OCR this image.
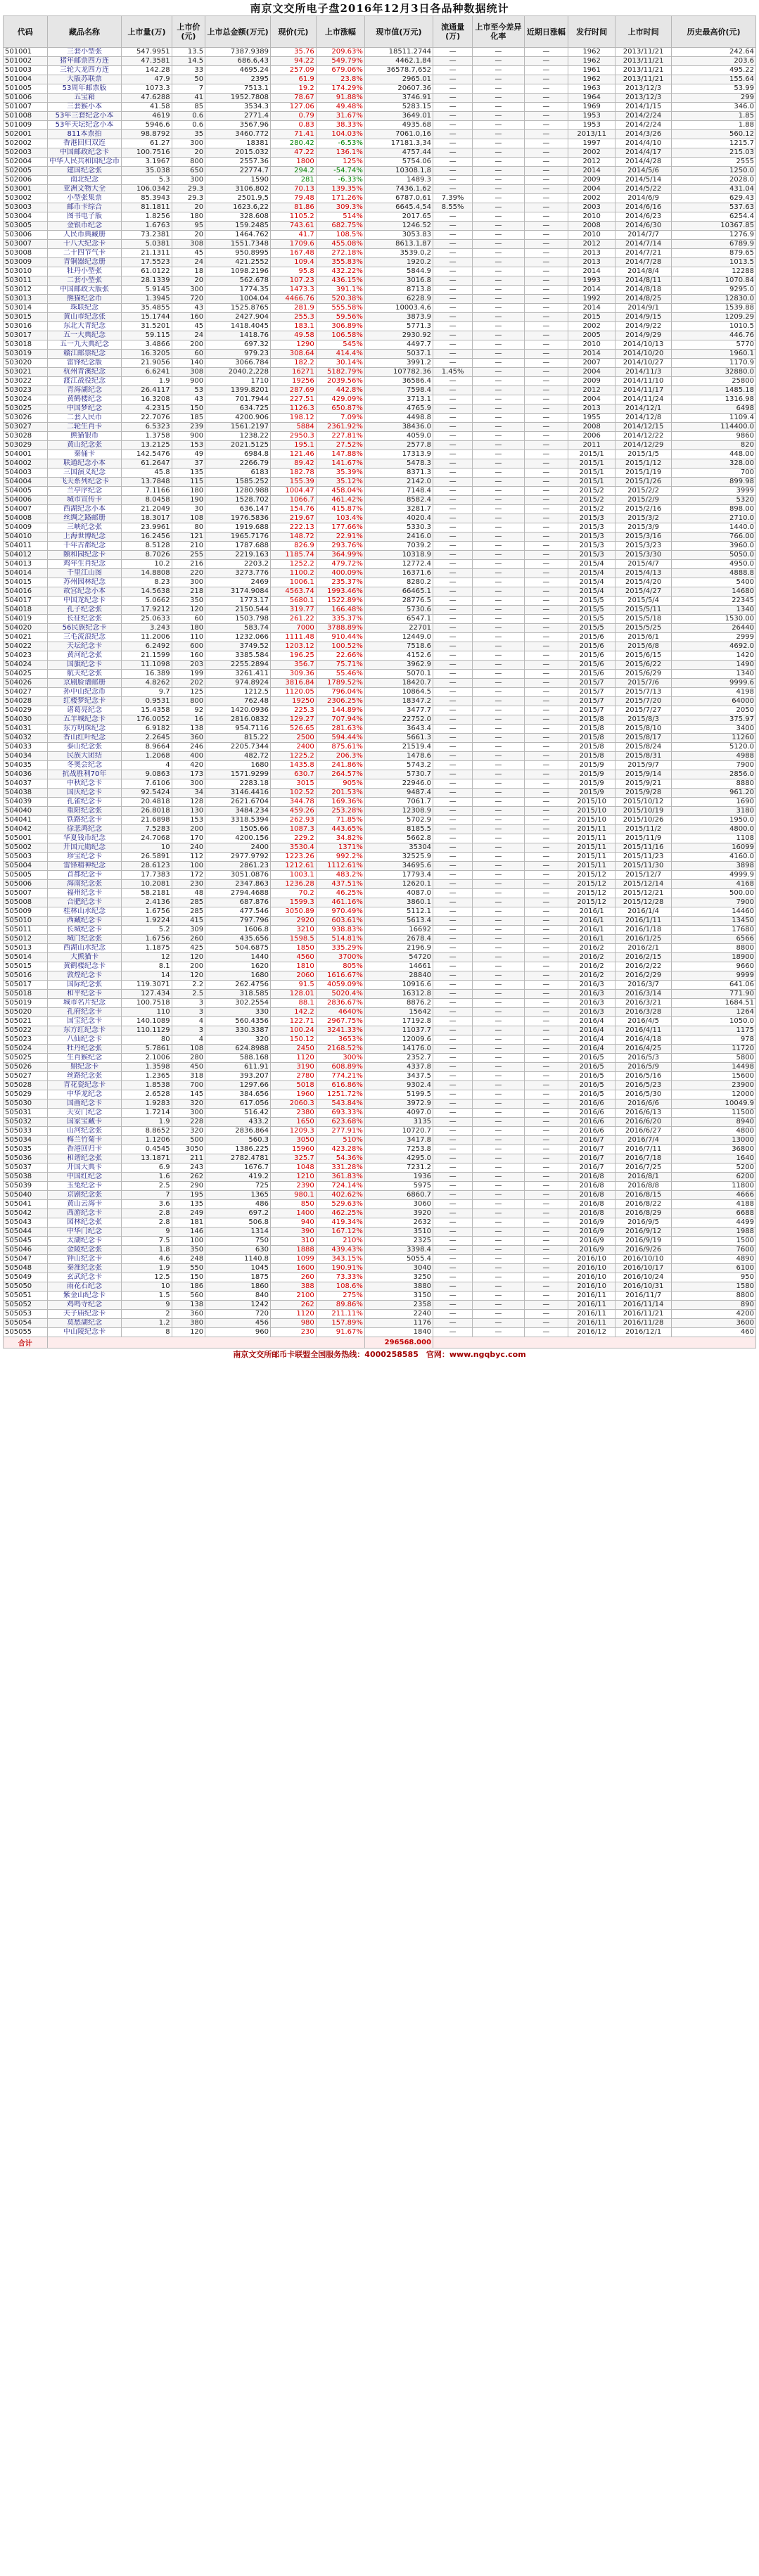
南京文交所电子盘2016年12月3日各品种数据统计
代码	藏品名称	上市量(万)	上市价(元)	上市总金额(万元)	现价(元)	上市涨幅	现市值(万元)	流通量(万)	上市至今差异化率	近期日涨幅	发行时间	上市时间	历史最高价(元)
501001	三套小型张	547.9951	13.5	7387.9389	35.76	209.63%	18511.2744	—	—	—	1962	2013/11/21	242.64
501002	猪年邮票四方连	47.3581	14.5	686.6,43	94.22	549.79%	4462.1,84	—	—	—	1962	2013/11/21	203.6
501003	三轮大龙四方连	142.28	33	4695.24	257.09	679.06%	36578.7,652	—	—	—	1961	2013/11/21	495.22
501004	大版苏联票	47.9	50	2395	61.9	23.8%	2965.01	—	—	—	1962	2013/11/21	155.64
501005	53周年邮票版	1073.3	7	7513.1	19.2	174.29%	20607.36	—	—	—	1963	2013/12/3	53.99
501006	五宝箱	47.6288	41	1952.7808	78.67	91.88%	3746.91	—	—	—	1964	2013/12/3	299
501007	三套猴小本	41.58	85	3534.3	127.06	49.48%	5283.15	—	—	—	1969	2014/1/15	346.0
501008	53年三套纪念小本	4619	0.6	2771.4	0.79	31.67%	3649.01	—	—	—	1953	2014/2/24	1.85
501009	53年天坛纪念小本	5946.6	0.6	3567.96	0.83	38.33%	4935.68	—	—	—	1953	2014/2/24	1.88
502001	811本票拍	98.8792	35	3460.772	71.41	104.03%	7061.0,16	—	—	—	2013/11	2014/3/26	560.12
502002	香港回归双连	61.27	300	18381	280.42	-6.53%	17181.3,34	—	—	—	1997	2014/4/10	1215.7
502003	中国邮政纪念卡	100.7516	20	2015.032	47.22	136.1%	4757.44	—	—	—	2002	2014/4/17	215.03
502004	中华人民共和国纪念币	3.1967	800	2557.36	1800	125%	5754.06	—	—	—	2012	2014/4/28	2555
502005	建国纪念张	35.038	650	22774.7	294.2	-54.74%	10308.1,8	—	—	—	2014	2014/5/6	1250.0
502006	南北纪念	5.3	300	1590	281	-6.33%	1489.3	—	—	—	2009	2014/5/14	2028.0
503001	亚洲文物大全	106.0342	29.3	3106.802	70.13	139.35%	7436.1,62	—	—	—	2004	2014/5/22	431.04
503002	小型张集票	85.3943	29.3	2501.9,5	79.48	171.26%	6787.0,61	7.39%	—	—	2002	2014/6/9	629.43
503003	邮币卡综合	81.1811	20	1623.6,22	81.86	309.3%	6645.4,54	8.55%	—	—	2003	2014/6/16	537.63
503004	图书电子版	1.8256	180	328.608	1105.2	514%	2017.65	—	—	—	2010	2014/6/23	6254.4
503005	金银币纪念	1.6763	95	159.2485	743.61	682.75%	1246.52	—	—	—	2008	2014/6/30	10367.85
503006	人民币典藏册	73.2381	20	1464.762	41.7	108.5%	3053.83	—	—	—	2010	2014/7/7	1276.9
503007	十八大纪念卡	5.0381	308	1551.7348	1709.6	455.08%	8613.1,87	—	—	—	2012	2014/7/14	6789.9
503008	二十四节气卡	21.1311	45	950.8995	167.48	272.18%	3539.0,2	—	—	—	2013	2014/7/21	879.65
503009	青铜器纪念册	17.5523	24	421.2552	109.4	355.83%	1920.2	—	—	—	2013	2014/7/28	1013.5
503010	牡丹小型张	61.0122	18	1098.2196	95.8	432.22%	5844.9	—	—	—	2014	2014/8/4	12288
503011	二套小型张	28.1339	20	562.678	107.23	436.15%	3016.8	—	—	—	1993	2014/8/11	1070.84
503012	中国邮政大版张	5.9145	300	1774.35	1473.3	391.1%	8713.8	—	—	—	2014	2014/8/18	9295.0
503013	熊猫纪念币	1.3945	720	1004.04	4466.76	520.38%	6228.9	—	—	—	1992	2014/8/25	12830.0
503014	珠联纪念	35.4855	43	1525.8765	281.9	555.58%	10003.4,6	—	—	—	2014	2014/9/1	1539.88
503015	黄山市纪念张	15.1744	160	2427.904	255.3	59.56%	3873.9	—	—	—	2015	2014/9/15	1209.29
503016	东北大青纪念	31.5201	45	1418.4045	183.1	306.89%	5771.3	—	—	—	2002	2014/9/22	1010.5
503017	五一大典纪念	59.115	24	1418.76	49.58	106.58%	2930.92	—	—	—	2005	2014/9/29	446.76
503018	五一九大典纪念	3.4866	200	697.32	1290	545%	4497.7	—	—	—	2010	2014/10/13	5770
503019	赣江邮票纪念	16.3205	60	979.23	308.64	414.4%	5037.1	—	—	—	2014	2014/10/20	1960.1
503020	雷锋纪念版	21.9056	140	3066.784	182.2	30.14%	3991.2	—	—	—	2007	2014/10/27	1170.9
503021	杭州青溪纪念	6.6241	308	2040.2,228	16271	5182.79%	107782.36	1.45%	—	—	2004	2014/11/3	32880.0
503022	渡江战役纪念	1.9	900	1710	19256	2039.56%	36586.4	—	—	—	2009	2014/11/10	25800
503023	青海湖纪念	26.4117	53	1399.8201	287.69	442.8%	7598.4	—	—	—	2012	2014/11/17	1485.18
503024	黄鹤楼纪念	16.3208	43	701.7944	227.51	429.09%	3713.1	—	—	—	2004	2014/11/24	1316.98
503025	中国梦纪念	4.2315	150	634.725	1126.3	650.87%	4765.9	—	—	—	2013	2014/12/1	6498
503026	二套人民币	22.7076	185	4200.906	198.12	7.09%	4498.8	—	—	—	1955	2014/12/8	1109.4
503027	二轮生肖卡	6.5323	239	1561.2197	5884	2361.92%	38436.0	—	—	—	2008	2014/12/15	114400.0
503028	熊猫银币	1.3758	900	1238.22	2950.3	227.81%	4059.0	—	—	—	2006	2014/12/22	9860
503029	黄山纪念张	13.2125	153	2021.5125	195.1	27.52%	2577.8	—	—	—	2011	2014/12/29	820
504001	秦俑卡	142.5476	49	6984.8	121.46	147.88%	17313.9	—	—	—	2015/1	2015/1/5	448.00
504002	联通纪念小本	61.2647	37	2266.79	89.42	141.67%	5478.3	—	—	—	2015/1	2015/1/12	328.00
504003	三国演义纪念	45.8	135	6183	182.78	35.39%	8371.3	—	—	—	2015/1	2015/1/19	700
504004	飞天系列纪念卡	13.7848	115	1585.252	155.39	35.12%	2142.0	—	—	—	2015/1	2015/1/26	899.98
504005	兰亭序纪念	7.1166	180	1280.988	1004.47	458.04%	7148.4	—	—	—	2015/2	2015/2/2	3999
504006	城市宣传卡	8.0458	190	1528.702	1066.7	461.42%	8582.4	—	—	—	2015/2	2015/2/9	5320
504007	西湖纪念小本	21.2049	30	636.147	154.76	415.87%	3281.7	—	—	—	2015/2	2015/2/16	898.00
504008	丝绸之路邮册	18.3017	108	1976.5836	219.67	103.4%	4020.4	—	—	—	2015/3	2015/3/2	2710.0
504009	三峡纪念张	23.9961	80	1919.688	222.13	177.66%	5330.3	—	—	—	2015/3	2015/3/9	1440.0
504010	上海世博纪念	16.2456	121	1965.7176	148.72	22.91%	2416.0	—	—	—	2015/3	2015/3/16	766.00
504011	千年古都纪念	8.5128	210	1787.688	826.9	293.76%	7039.2	—	—	—	2015/3	2015/3/23	3960.0
504012	颐和园纪念卡	8.7026	255	2219.163	1185.74	364.99%	10318.9	—	—	—	2015/3	2015/3/30	5050.0
504013	鸡年生肖纪念	10.2	216	2203.2	1252.2	479.72%	12772.4	—	—	—	2015/4	2015/4/7	4950.0
504014	千里江山图	14.8808	220	3273.776	1100.2	400.09%	16371.6	—	—	—	2015/4	2015/4/13	4888.8
504015	苏州园林纪念	8.23	300	2469	1006.1	235.37%	8280.2	—	—	—	2015/4	2015/4/20	5400
504016	故宫纪念小本	14.5638	218	3174.9084	4563.74	1993.46%	66465.1	—	—	—	2015/4	2015/4/27	14680
504017	中国龙纪念卡	5.0662	350	1773.17	5680.1	1522.89%	28776.5	—	—	—	2015/5	2015/5/4	22345
504018	孔子纪念张	17.9212	120	2150.544	319.77	166.48%	5730.6	—	—	—	2015/5	2015/5/11	1340
504019	长征纪念张	25.0633	60	1503.798	261.22	335.37%	6547.1	—	—	—	2015/5	2015/5/18	1530.00
504020	56民族纪念卡	3.243	180	583.74	7000	3788.89%	22701	—	—	—	2015/5	2015/5/25	26440
504021	三毛流浪纪念	11.2006	110	1232.066	1111.48	910.44%	12449.0	—	—	—	2015/6	2015/6/1	2999
504022	天坛纪念卡	6.2492	600	3749.52	1203.12	100.52%	7518.6	—	—	—	2015/6	2015/6/8	4692.0
504023	黄河纪念张	21.1599	160	3385.584	196.25	22.66%	4152.6	—	—	—	2015/6	2015/6/15	1420
504024	国旗纪念卡	11.1098	203	2255.2894	356.7	75.71%	3962.9	—	—	—	2015/6	2015/6/22	1490
504025	航天纪念张	16.389	199	3261.411	309.36	55.46%	5070.1	—	—	—	2015/6	2015/6/29	1340
504026	京剧脸谱邮册	4.8262	202	974.8924	3816.84	1789.52%	18420.7	—	—	—	2015/7	2015/7/6	9999.6
504027	孙中山纪念币	9.7	125	1212.5	1120.05	796.04%	10864.5	—	—	—	2015/7	2015/7/13	4198
504028	红楼梦纪念卡	0.9531	800	762.48	19250	2306.25%	18347.2	—	—	—	2015/7	2015/7/20	64000
504029	诸葛亮纪念	15.4358	92	1420.0936	225.3	144.89%	3477.7	—	—	—	2015/7	2015/7/27	2050
504030	五羊城纪念卡	176.0052	16	2816.0832	129.27	707.94%	22752.0	—	—	—	2015/8	2015/8/3	375.97
504031	东方明珠纪念	6.9182	138	954.7116	526.65	281.63%	3643.4	—	—	—	2015/8	2015/8/10	3400
504032	香山红叶纪念	2.2645	360	815.22	2500	594.44%	5661.3	—	—	—	2015/8	2015/8/17	11260
504033	泰山纪念张	8.9664	246	2205.7344	2400	875.61%	21519.4	—	—	—	2015/8	2015/8/24	5120.0
504034	民族大团结	1.2068	400	482.72	1225.2	206.3%	1478.6	—	—	—	2015/8	2015/8/31	4988
504035	冬奥会纪念	4	420	1680	1435.8	241.86%	5743.2	—	—	—	2015/9	2015/9/7	7900
504036	抗战胜利70年	9.0863	173	1571.9299	630.7	264.57%	5730.7	—	—	—	2015/9	2015/9/14	2856.0
504037	中秋纪念卡	7.6106	300	2283.18	3015	905%	22946.0	—	—	—	2015/9	2015/9/21	8880
504038	国庆纪念卡	92.5424	34	3146.4416	102.52	201.53%	9487.4	—	—	—	2015/9	2015/9/28	961.20
504039	孔雀纪念卡	20.4818	128	2621.6704	344.78	169.36%	7061.7	—	—	—	2015/10	2015/10/12	1690
504040	重阳纪念张	26.8018	130	3484.234	459.26	253.28%	12308.9	—	—	—	2015/10	2015/10/19	3180
504041	铁路纪念卡	21.6898	153	3318.5394	262.93	71.85%	5702.9	—	—	—	2015/10	2015/10/26	1950.0
504042	徐悲鸿纪念	7.5283	200	1505.66	1087.3	443.65%	8185.5	—	—	—	2015/11	2015/11/2	4800.0
505001	华夏钱币纪念	24.7068	170	4200.156	229.2	34.82%	5662.8	—	—	—	2015/11	2015/11/9	1108
505002	开国元勋纪念	10	240	2400	3530.4	1371%	35304	—	—	—	2015/11	2015/11/16	16099
505003	珍宝纪念卡	26.5891	112	2977.9792	1223.26	992.2%	32525.9	—	—	—	2015/11	2015/11/23	4160.0
505004	雷锋精神纪念	28.6123	100	2861.23	1212.61	1112.61%	34695.6	—	—	—	2015/11	2015/11/30	3898
505005	首都纪念卡	17.7383	172	3051.0876	1003.1	483.2%	17793.4	—	—	—	2015/12	2015/12/7	4999.9
505006	海南纪念张	10.2081	230	2347.863	1236.28	437.51%	12620.1	—	—	—	2015/12	2015/12/14	4168
505007	福州纪念卡	58.2181	48	2794.4688	70.2	46.25%	4087.0	—	—	—	2015/12	2015/12/21	500.00
505008	合肥纪念卡	2.4136	285	687.876	1599.3	461.16%	3860.1	—	—	—	2015/12	2015/12/28	7900
505009	桂林山水纪念	1.6756	285	477.546	3050.89	970.49%	5112.1	—	—	—	2016/1	2016/1/4	14460
505010	西藏纪念卡	1.9224	415	797.796	2920	603.61%	5613.4	—	—	—	2016/1	2016/1/11	13450
505011	长城纪念卡	5.2	309	1606.8	3210	938.83%	16692	—	—	—	2016/1	2016/1/18	17680
505012	城门纪念张	1.6756	260	435.656	1598.5	514.81%	2678.4	—	—	—	2016/1	2016/1/25	6566
505013	西湖山水纪念	1.1875	425	504.6875	1850	335.29%	2196.9	—	—	—	2016/2	2016/2/1	8800
505014	大熊猫卡	12	120	1440	4560	3700%	54720	—	—	—	2016/2	2016/2/15	18900
505015	黄鹤楼纪念卡	8.1	200	1620	1810	805%	14661	—	—	—	2016/2	2016/2/22	9660
505016	敦煌纪念卡	14	120	1680	2060	1616.67%	28840	—	—	—	2016/2	2016/2/29	9999
505017	国际纪念张	119.3071	2.2	262.4756	91.5	4059.09%	10916.6	—	—	—	2016/3	2016/3/7	641.06
505018	和平纪念卡	127.434	2.5	318.585	128.01	5020.4%	16312.8	—	—	—	2016/3	2016/3/14	771.90
505019	城市名片纪念	100.7518	3	302.2554	88.1	2836.67%	8876.2	—	—	—	2016/3	2016/3/21	1684.51
505020	孔府纪念卡	110	3	330	142.2	4640%	15642	—	—	—	2016/3	2016/3/28	1264
505021	国宝纪念卡	140.1089	4	560.4356	122.71	2967.75%	17192.8	—	—	—	2016/4	2016/4/5	1050.0
505022	东方红纪念卡	110.1129	3	330.3387	100.24	3241.33%	11037.7	—	—	—	2016/4	2016/4/11	1175
505023	八仙纪念卡	80	4	320	150.12	3653%	12009.6	—	—	—	2016/4	2016/4/18	978
505024	牡丹纪念张	5.7861	108	624.8988	2450	2168.52%	14176.0	—	—	—	2016/4	2016/4/25	11720
505025	生肖猴纪念	2.1006	280	588.168	1120	300%	2352.7	—	—	—	2016/5	2016/5/3	5800
505026	鼎纪念卡	1.3598	450	611.91	3190	608.89%	4337.8	—	—	—	2016/5	2016/5/9	14498
505027	丝路纪念张	1.2365	318	393.207	2780	774.21%	3437.5	—	—	—	2016/5	2016/5/16	15600
505028	青花瓷纪念卡	1.8538	700	1297.66	5018	616.86%	9302.4	—	—	—	2016/5	2016/5/23	23900
505029	中华龙纪念	2.6528	145	384.656	1960	1251.72%	5199.5	—	—	—	2016/5	2016/5/30	12000
505030	国画纪念卡	1.9283	320	617.056	2060.3	543.84%	3972.9	—	—	—	2016/6	2016/6/6	10049.9
505031	天安门纪念	1.7214	300	516.42	2380	693.33%	4097.0	—	—	—	2016/6	2016/6/13	11500
505032	国家宝藏卡	1.9	228	433.2	1650	623.68%	3135	—	—	—	2016/6	2016/6/20	8940
505033	山河纪念张	8.8652	320	2836.864	1209.3	277.91%	10720.7	—	—	—	2016/6	2016/6/27	4800
505034	梅兰竹菊卡	1.1206	500	560.3	3050	510%	3417.8	—	—	—	2016/7	2016/7/4	13000
505035	香港回归卡	0.4545	3050	1386.225	15960	423.28%	7253.8	—	—	—	2016/7	2016/7/11	36800
505036	和谐纪念张	13.1871	211	2782.4781	325.7	54.36%	4295.0	—	—	—	2016/7	2016/7/18	1640
505037	开国大典卡	6.9	243	1676.7	1048	331.28%	7231.2	—	—	—	2016/7	2016/7/25	5200
505038	中国红纪念	1.6	262	419.2	1210	361.83%	1936	—	—	—	2016/8	2016/8/1	6200
505039	玉兔纪念卡	2.5	290	725	2390	724.14%	5975	—	—	—	2016/8	2016/8/8	11800
505040	京剧纪念张	7	195	1365	980.1	402.62%	6860.7	—	—	—	2016/8	2016/8/15	4666
505041	黄山云海卡	3.6	135	486	850	529.63%	3060	—	—	—	2016/8	2016/8/22	4188
505042	西游纪念卡	2.8	249	697.2	1400	462.25%	3920	—	—	—	2016/8	2016/8/29	6688
505043	园林纪念张	2.8	181	506.8	940	419.34%	2632	—	—	—	2016/9	2016/9/5	4499
505044	中华门纪念	9	146	1314	390	167.12%	3510	—	—	—	2016/9	2016/9/12	1988
505045	太湖纪念卡	7.5	100	750	310	210%	2325	—	—	—	2016/9	2016/9/19	1500
505046	金陵纪念张	1.8	350	630	1888	439.43%	3398.4	—	—	—	2016/9	2016/9/26	7600
505047	钟山纪念卡	4.6	248	1140.8	1099	343.15%	5055.4	—	—	—	2016/10	2016/10/10	4890
505048	秦淮纪念张	1.9	550	1045	1600	190.91%	3040	—	—	—	2016/10	2016/10/17	6100
505049	玄武纪念卡	12.5	150	1875	260	73.33%	3250	—	—	—	2016/10	2016/10/24	950
505050	雨花石纪念	10	186	1860	388	108.6%	3880	—	—	—	2016/10	2016/10/31	1580
505051	紫金山纪念卡	1.5	560	840	2100	275%	3150	—	—	—	2016/11	2016/11/7	8800
505052	鸡鸣寺纪念	9	138	1242	262	89.86%	2358	—	—	—	2016/11	2016/11/14	890
505053	夫子庙纪念卡	2	360	720	1120	211.11%	2240	—	—	—	2016/11	2016/11/21	4200
505054	莫愁湖纪念	1.2	380	456	980	157.89%	1176	—	—	—	2016/11	2016/11/28	3600
505055	中山陵纪念卡	8	120	960	230	91.67%	1840	—	—	—	2016/12	2016/12/1	460
合计							296568.000						
南京文交所邮币卡联盟全国服务热线：4000258585　官网：www.ngqbyc.com
